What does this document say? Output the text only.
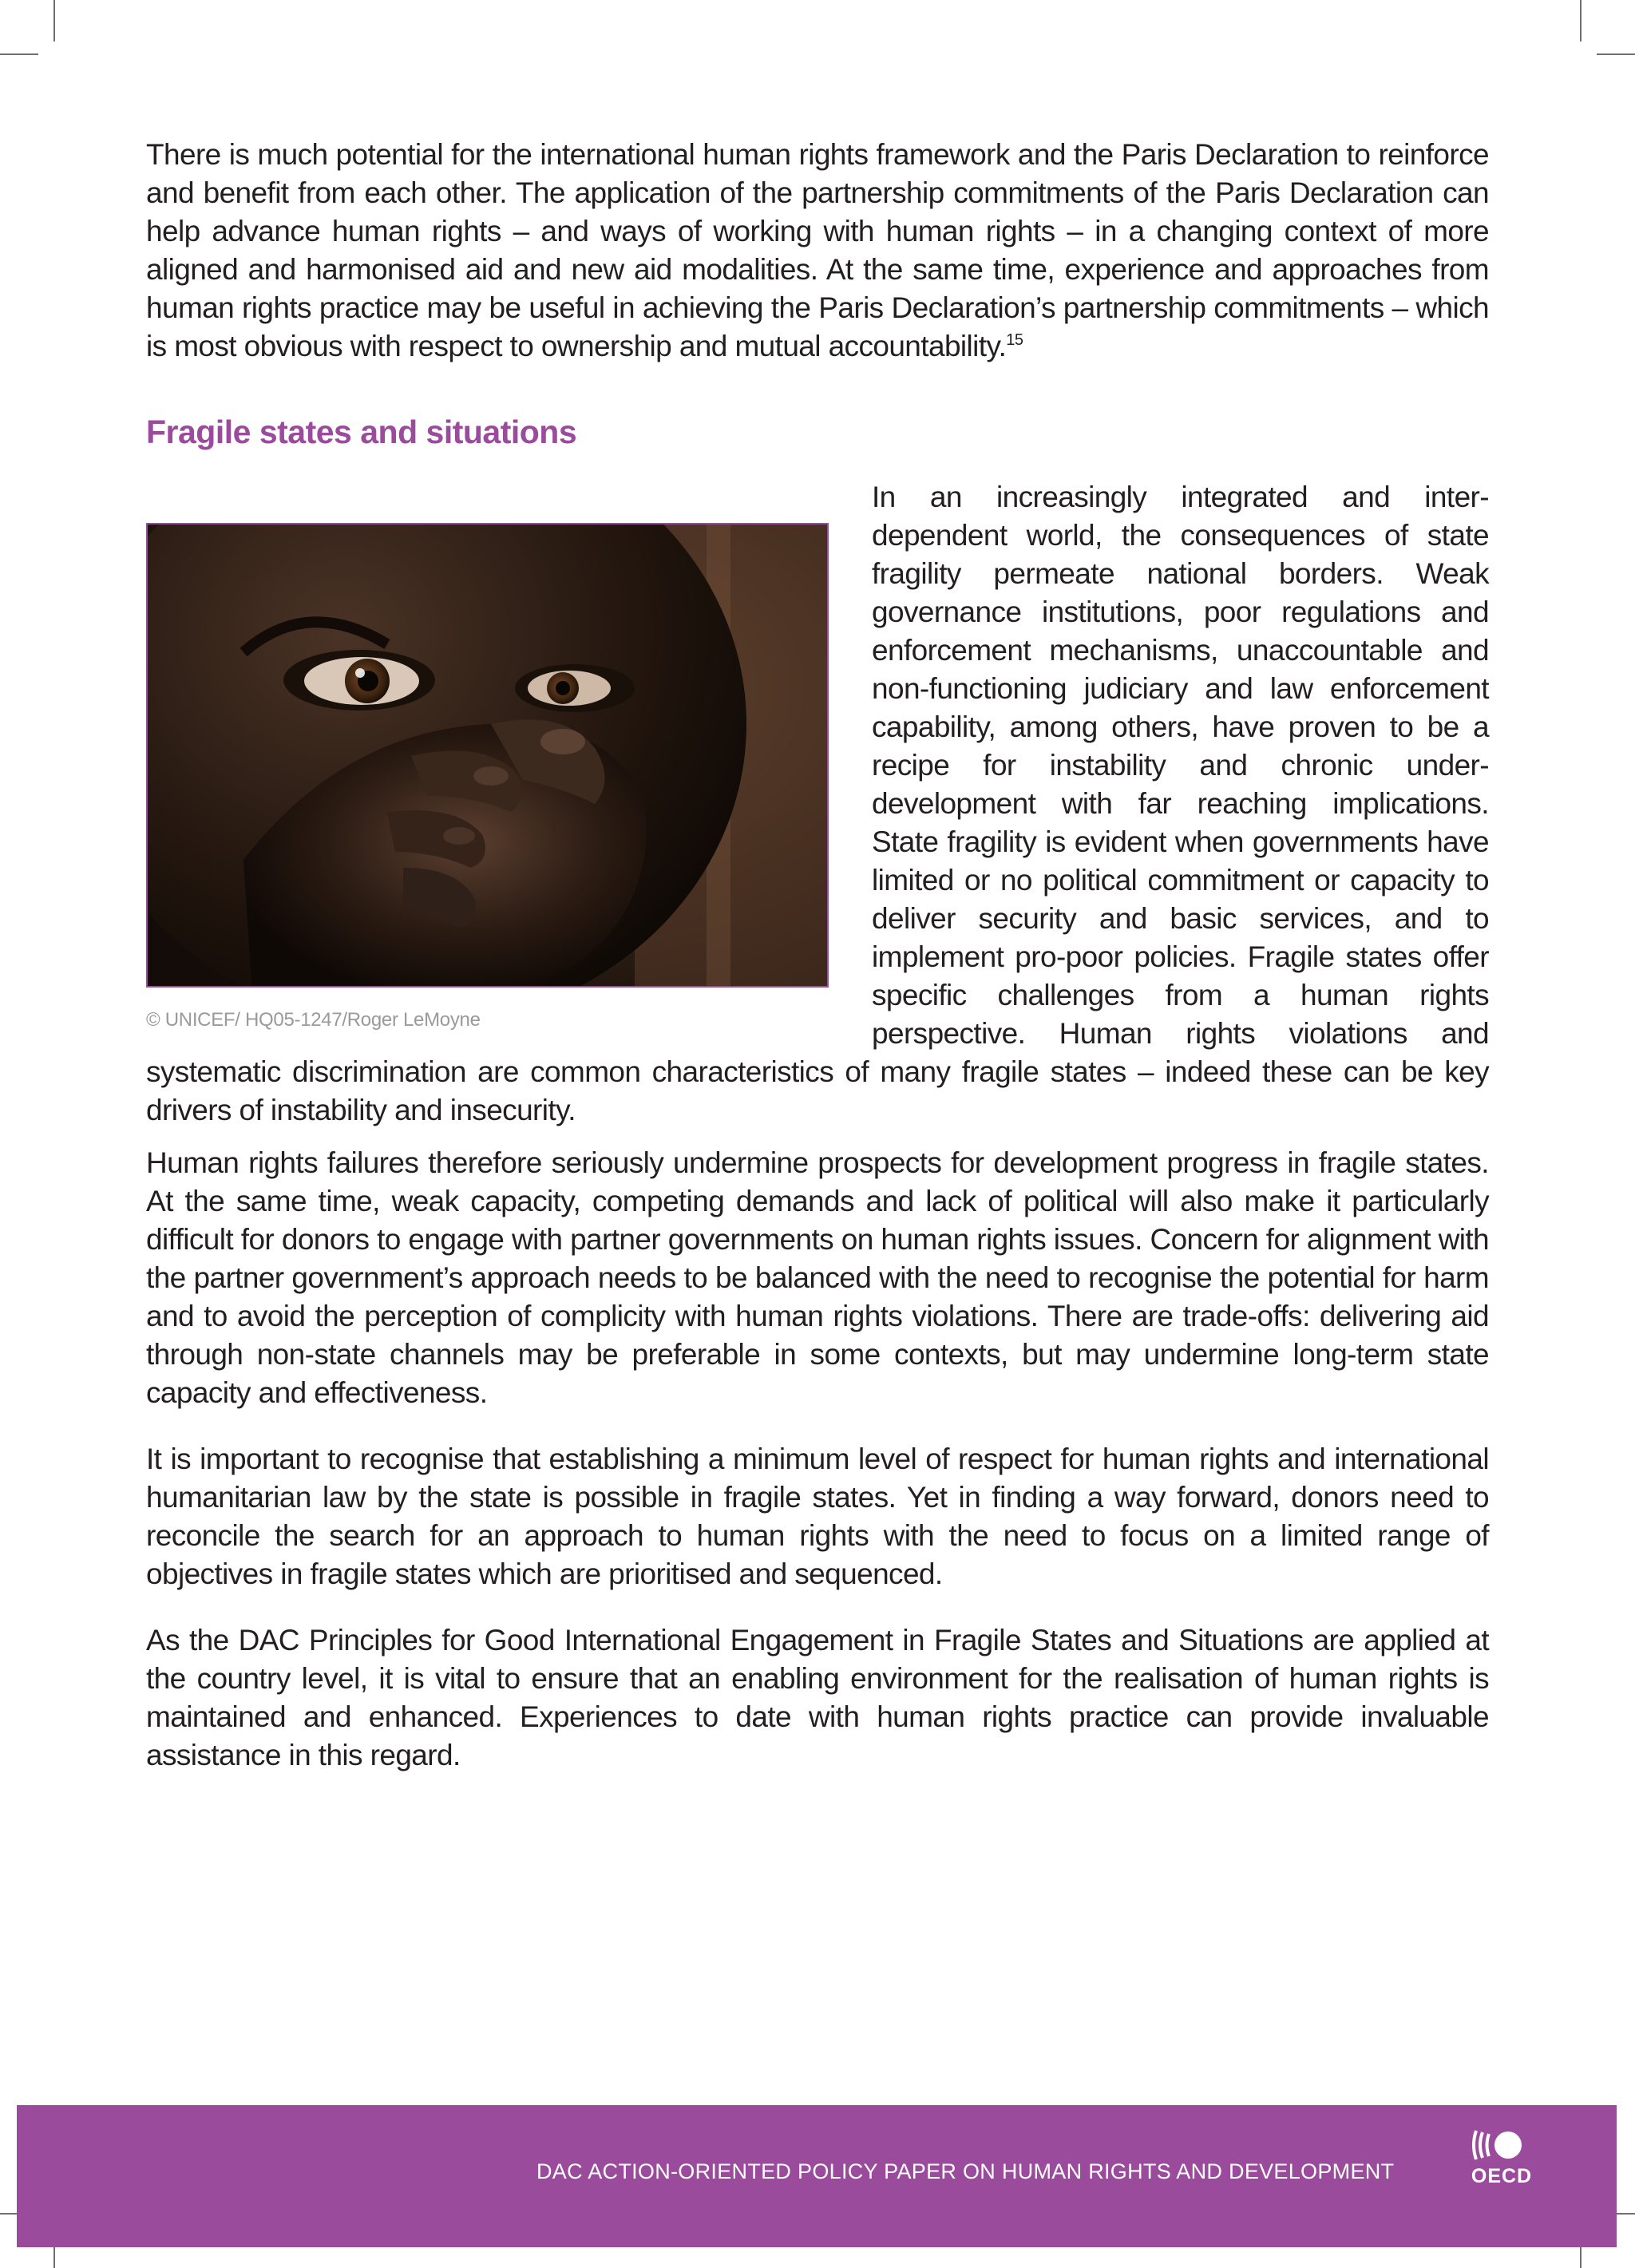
There is much potential for the international human rights framework and the Paris Declaration to reinforce and benefit from each other. The application of the partnership commitments of the Paris Declaration can help advance human rights – and ways of working with human rights – in a changing context of more aligned and harmonised aid and new aid modalities. At the same time, experience and approaches from human rights practice may be useful in achieving the Paris Declaration’s partnership commitments – which is most obvious with respect to ownership and mutual accountability.$^{15}$

Fragile states and situations

© UNICEF/ HQ05-1247/Roger LeMoyne
In an increasingly integrated and inter-dependent world, the consequences of state fragility permeate national borders. Weak governance institutions, poor regulations and enforcement mechanisms, unaccountable and non-functioning judiciary and law enforcement capability, among others, have proven to be a recipe for instability and chronic under-development with far reaching implications. State fragility is evident when governments have limited or no political commitment or capacity to deliver security and basic services, and to implement pro-poor policies. Fragile states offer specific challenges from a human rights perspective. Human rights violations and systematic discrimination are common characteristics of many fragile states – indeed these can be key drivers of instability and insecurity.

Human rights failures therefore seriously undermine prospects for development progress in fragile states. At the same time, weak capacity, competing demands and lack of political will also make it particularly difficult for donors to engage with partner governments on human rights issues. Concern for alignment with the partner government’s approach needs to be balanced with the need to recognise the potential for harm and to avoid the perception of complicity with human rights violations. There are trade-offs: delivering aid through non-state channels may be preferable in some contexts, but may undermine long-term state capacity and effectiveness.

It is important to recognise that establishing a minimum level of respect for human rights and international humanitarian law by the state is possible in fragile states. Yet in finding a way forward, donors need to reconcile the search for an approach to human rights with the need to focus on a limited range of objectives in fragile states which are prioritised and sequenced.

As the DAC Principles for Good International Engagement in Fragile States and Situations are applied at the country level, it is vital to ensure that an enabling environment for the realisation of human rights is maintained and enhanced. Experiences to date with human rights practice can provide invaluable assistance in this regard.

DAC ACTION-ORIENTED POLICY PAPER ON HUMAN RIGHTS AND DEVELOPMENT	OECD
